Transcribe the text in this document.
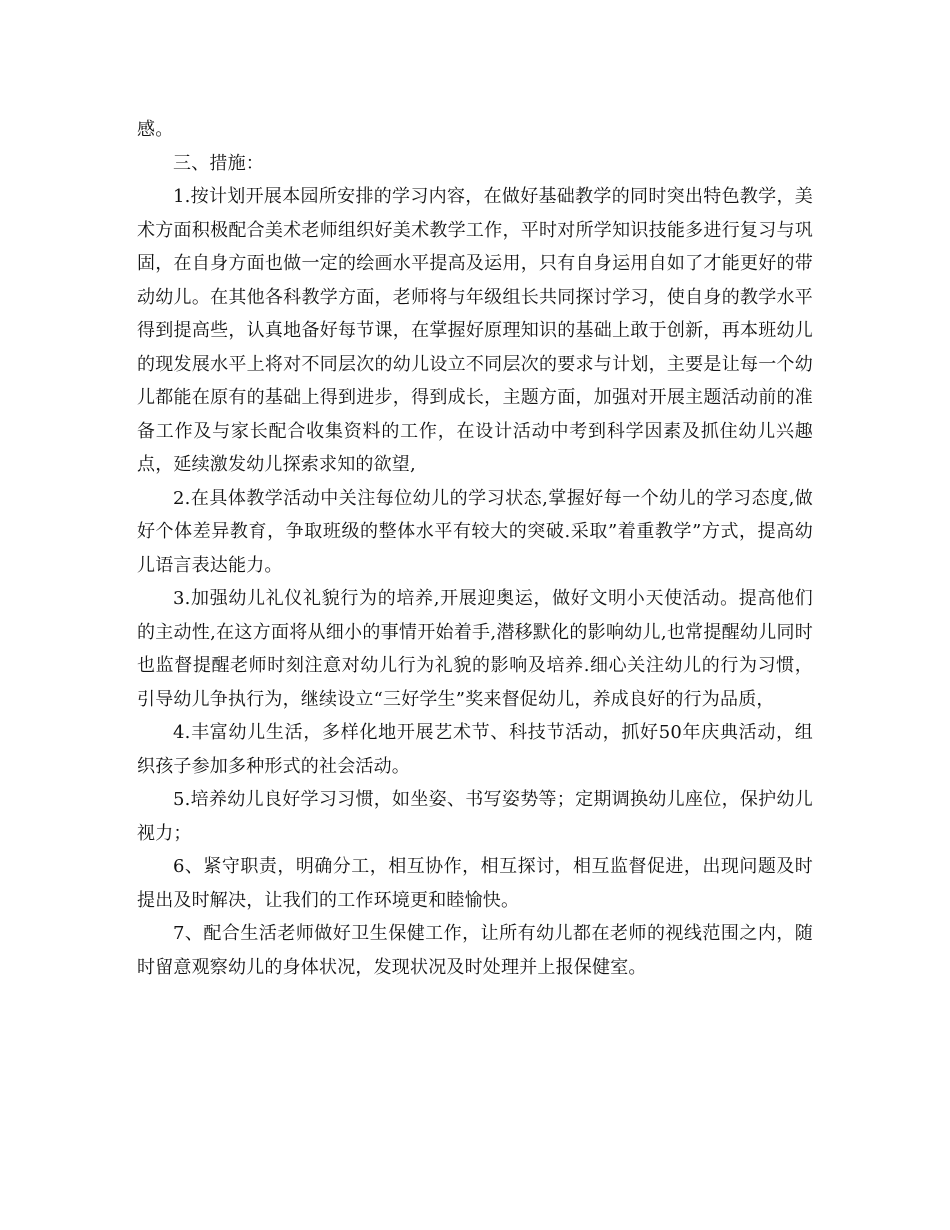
感。

三、措施：

1.按计划开展本园所安排的学习内容，在做好基础教学的同时突出特色教学，美术方面积极配合美术老师组织好美术教学工作，平时对所学知识技能多进行复习与巩固，在自身方面也做一定的绘画水平提高及运用，只有自身运用自如了才能更好的带动幼儿。在其他各科教学方面，老师将与年级组长共同探讨学习，使自身的教学水平得到提高些，认真地备好每节课，在掌握好原理知识的基础上敢于创新，再本班幼儿的现发展水平上将对不同层次的幼儿设立不同层次的要求与计划，主要是让每一个幼儿都能在原有的基础上得到进步，得到成长，主题方面，加强对开展主题活动前的准备工作及与家长配合收集资料的工作，在设计活动中考到科学因素及抓住幼儿兴趣点，延续激发幼儿探索求知的欲望,

2.在具体教学活动中关注每位幼儿的学习状态,掌握好每一个幼儿的学习态度,做好个体差异教育，争取班级的整体水平有较大的突破.采取”着重教学”方式，提高幼儿语言表达能力。

3.加强幼儿礼仪礼貌行为的培养,开展迎奥运，做好文明小天使活动。提高他们的主动性,在这方面将从细小的事情开始着手,潜移默化的影响幼儿,也常提醒幼儿同时也监督提醒老师时刻注意对幼儿行为礼貌的影响及培养.细心关注幼儿的行为习惯，引导幼儿争执行为，继续设立“三好学生”奖来督促幼儿，养成良好的行为品质，

4.丰富幼儿生活，多样化地开展艺术节、科技节活动，抓好50年庆典活动，组织孩子参加多种形式的社会活动。

5.培养幼儿良好学习习惯，如坐姿、书写姿势等；定期调换幼儿座位，保护幼儿视力；

6、紧守职责，明确分工，相互协作，相互探讨，相互监督促进，出现问题及时提出及时解决，让我们的工作环境更和睦愉快。

7、配合生活老师做好卫生保健工作，让所有幼儿都在老师的视线范围之内，随时留意观察幼儿的身体状况，发现状况及时处理并上报保健室。
